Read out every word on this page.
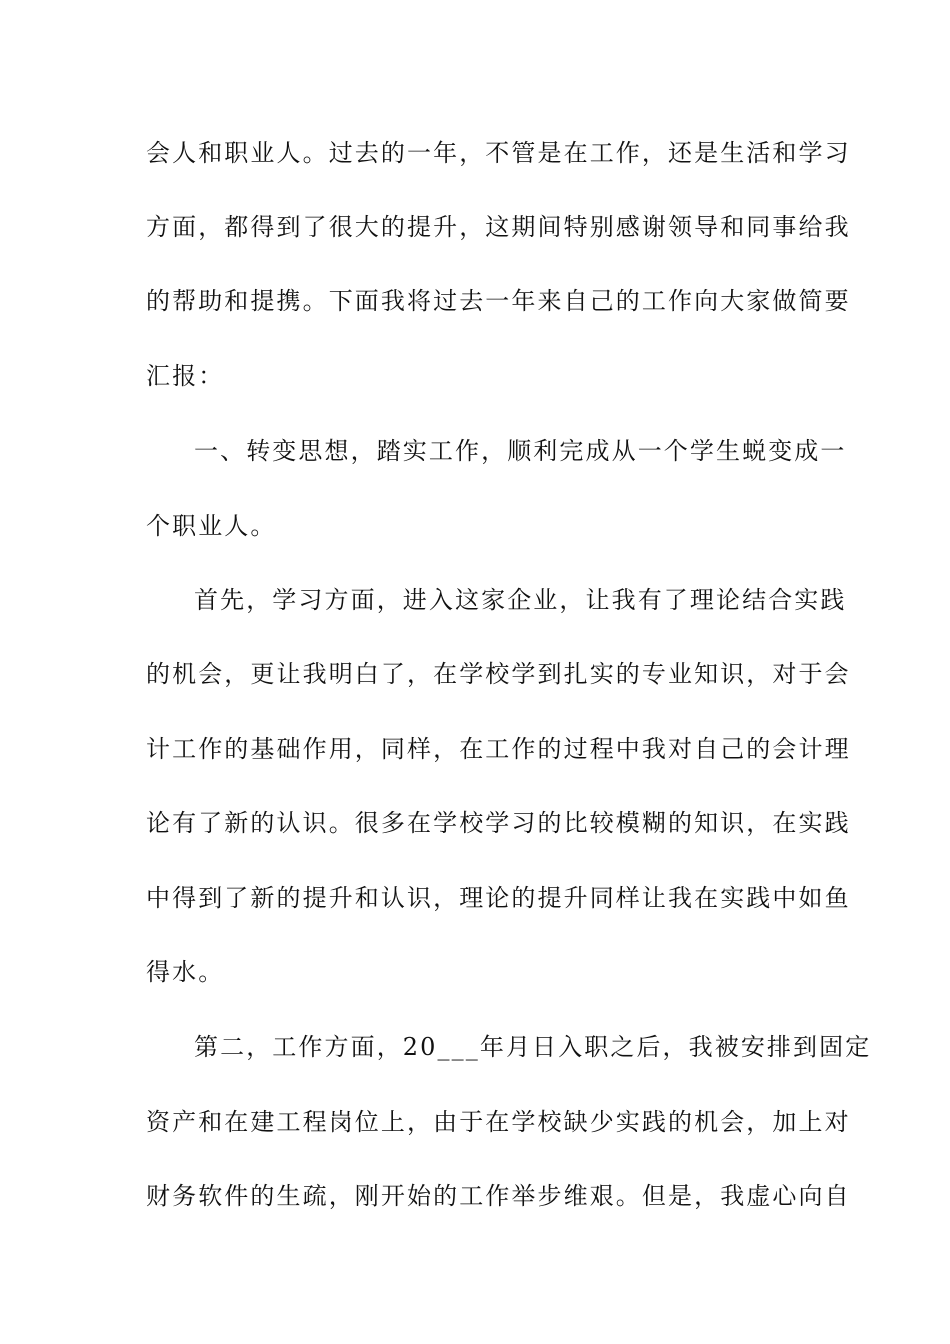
会人和职业人。过去的一年，不管是在工作，还是生活和学习
方面，都得到了很大的提升，这期间特别感谢领导和同事给我
的帮助和提携。下面我将过去一年来自己的工作向大家做简要
汇报：
一、转变思想，踏实工作，顺利完成从一个学生蜕变成一
个职业人。
首先，学习方面，进入这家企业，让我有了理论结合实践
的机会，更让我明白了，在学校学到扎实的专业知识，对于会
计工作的基础作用，同样，在工作的过程中我对自己的会计理
论有了新的认识。很多在学校学习的比较模糊的知识，在实践
中得到了新的提升和认识，理论的提升同样让我在实践中如鱼
得水。
第二，工作方面，20___年月日入职之后，我被安排到固定
资产和在建工程岗位上，由于在学校缺少实践的机会，加上对
财务软件的生疏，刚开始的工作举步维艰。但是，我虚心向自
